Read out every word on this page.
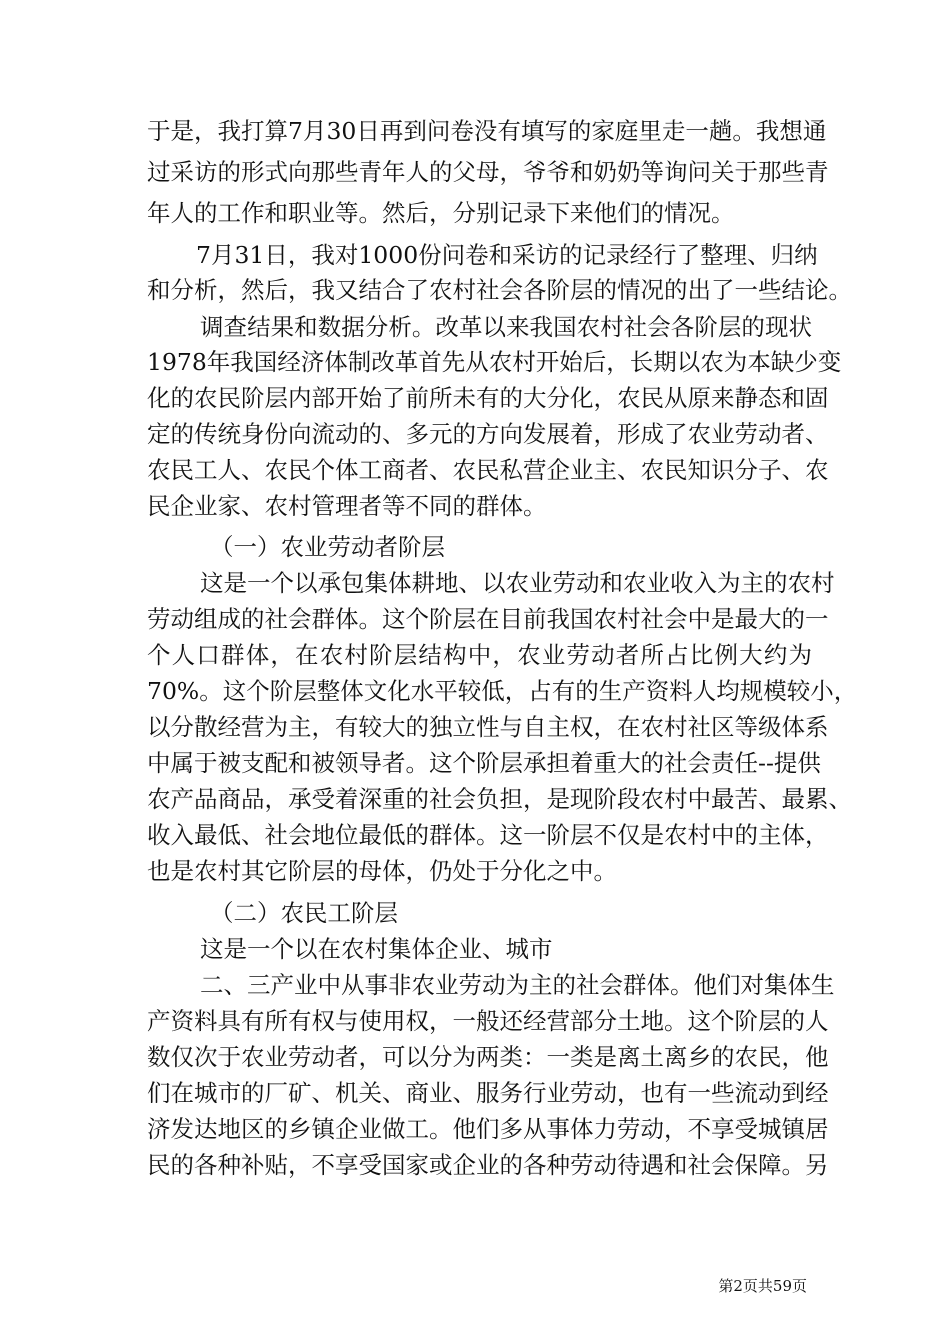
于是，我打算7月30日再到问卷没有填写的家庭里走一趟。我想通
过采访的形式向那些青年人的父母，爷爷和奶奶等询问关于那些青
年人的工作和职业等。然后，分别记录下来他们的情况。
7月31日，我对1000份问卷和采访的记录经行了整理、归纳
和分析，然后，我又结合了农村社会各阶层的情况的出了一些结论。
调查结果和数据分析。改革以来我国农村社会各阶层的现状
1978年我国经济体制改革首先从农村开始后，长期以农为本缺少变
化的农民阶层内部开始了前所未有的大分化，农民从原来静态和固
定的传统身份向流动的、多元的方向发展着，形成了农业劳动者、
农民工人、农民个体工商者、农民私营企业主、农民知识分子、农
民企业家、农村管理者等不同的群体。
（一）农业劳动者阶层
这是一个以承包集体耕地、以农业劳动和农业收入为主的农村
劳动组成的社会群体。这个阶层在目前我国农村社会中是最大的一
个人口群体，在农村阶层结构中，农业劳动者所占比例大约为
70%。这个阶层整体文化水平较低，占有的生产资料人均规模较小，
以分散经营为主，有较大的独立性与自主权，在农村社区等级体系
中属于被支配和被领导者。这个阶层承担着重大的社会责任--提供
农产品商品，承受着深重的社会负担，是现阶段农村中最苦、最累、
收入最低、社会地位最低的群体。这一阶层不仅是农村中的主体，
也是农村其它阶层的母体，仍处于分化之中。
（二）农民工阶层
这是一个以在农村集体企业、城市
二、三产业中从事非农业劳动为主的社会群体。他们对集体生
产资料具有所有权与使用权，一般还经营部分土地。这个阶层的人
数仅次于农业劳动者，可以分为两类：一类是离土离乡的农民，他
们在城市的厂矿、机关、商业、服务行业劳动，也有一些流动到经
济发达地区的乡镇企业做工。他们多从事体力劳动，不享受城镇居
民的各种补贴，不享受国家或企业的各种劳动待遇和社会保障。另
第2页共59页
